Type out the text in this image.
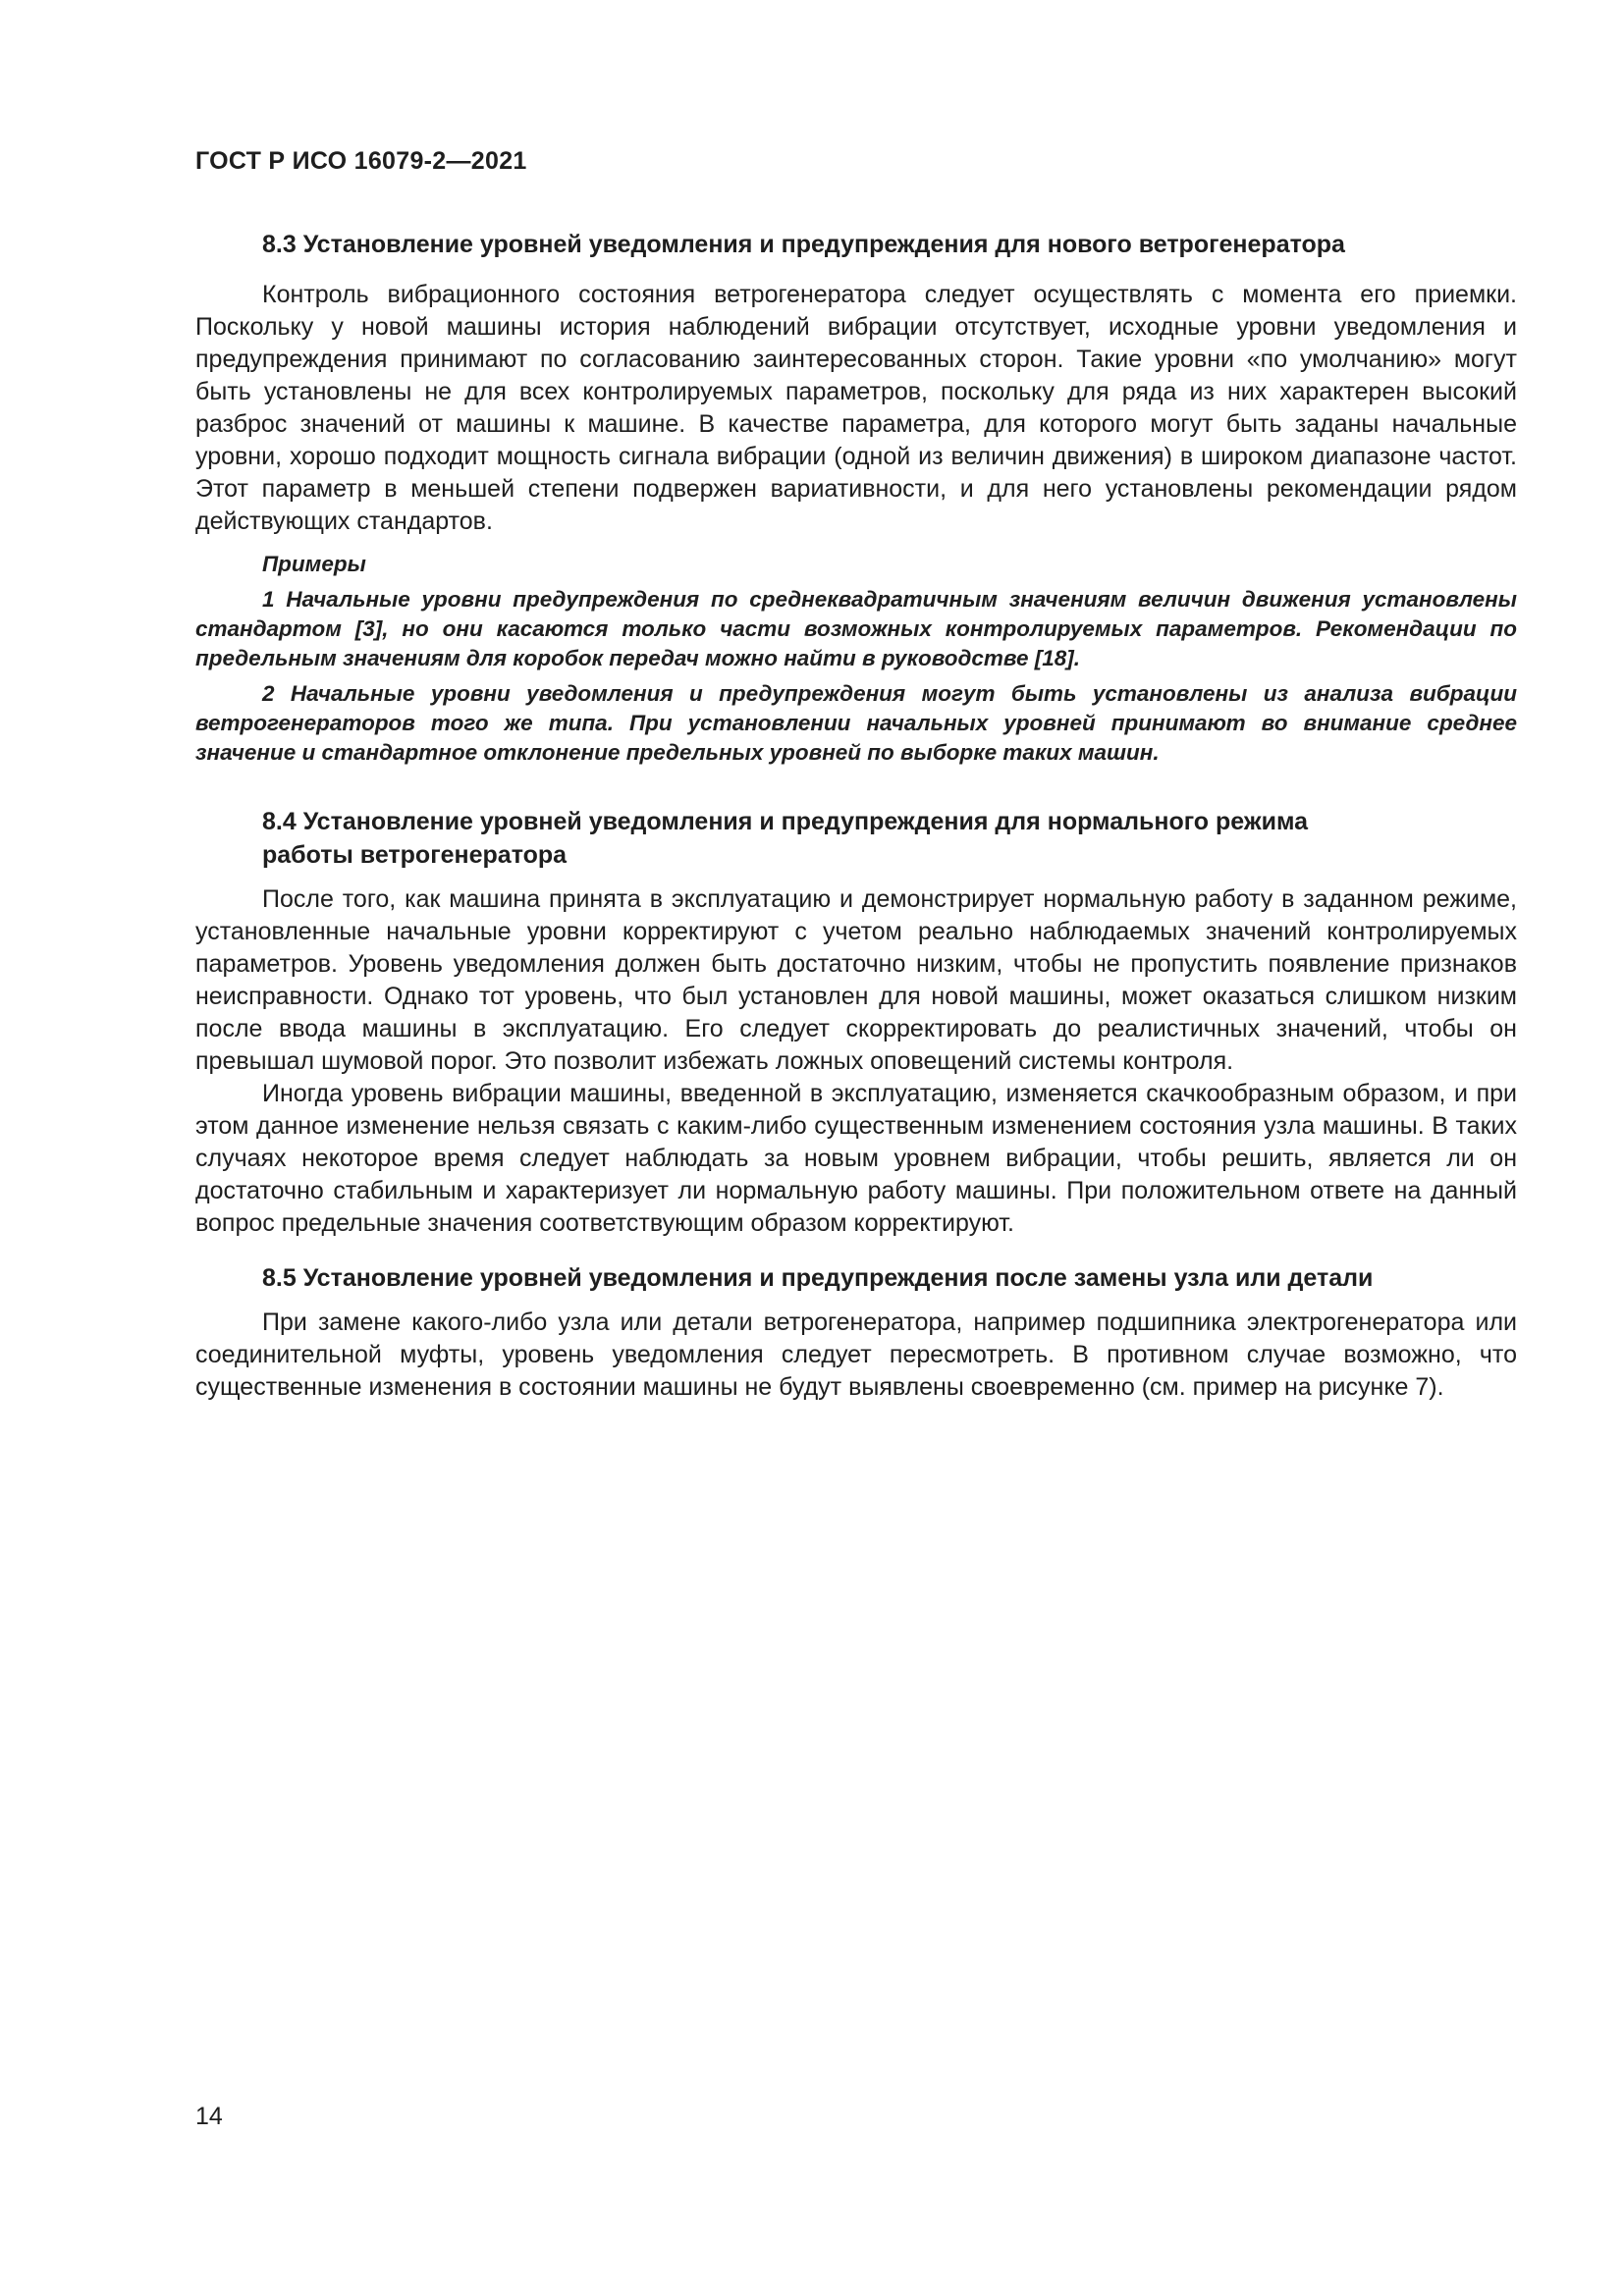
ГОСТ Р ИСО 16079-2—2021
8.3 Установление уровней уведомления и предупреждения для нового ветрогенератора

Контроль вибрационного состояния ветрогенератора следует осуществлять с момента его приемки. Поскольку у новой машины история наблюдений вибрации отсутствует, исходные уровни уведомления и предупреждения принимают по согласованию заинтересованных сторон. Такие уровни «по умолчанию» могут быть установлены не для всех контролируемых параметров, поскольку для ряда из них характерен высокий разброс значений от машины к машине. В качестве параметра, для которого могут быть заданы начальные уровни, хорошо подходит мощность сигнала вибрации (одной из величин движения) в широком диапазоне частот. Этот параметр в меньшей степени подвержен вариативности, и для него установлены рекомендации рядом действующих стандартов.

Примеры

1 Начальные уровни предупреждения по среднеквадратичным значениям величин движения установлены стандартом [3], но они касаются только части возможных контролируемых параметров. Рекомендации по предельным значениям для коробок передач можно найти в руководстве [18].

2 Начальные уровни уведомления и предупреждения могут быть установлены из анализа вибрации ветрогенераторов того же типа. При установлении начальных уровней принимают во внимание среднее значение и стандартное отклонение предельных уровней по выборке таких машин.

8.4 Установление уровней уведомления и предупреждения для нормального режима
работы ветрогенератора

После того, как машина принята в эксплуатацию и демонстрирует нормальную работу в заданном режиме, установленные начальные уровни корректируют с учетом реально наблюдаемых значений контролируемых параметров. Уровень уведомления должен быть достаточно низким, чтобы не пропустить появление признаков неисправности. Однако тот уровень, что был установлен для новой машины, может оказаться слишком низким после ввода машины в эксплуатацию. Его следует скорректировать до реалистичных значений, чтобы он превышал шумовой порог. Это позволит избежать ложных оповещений системы контроля.

Иногда уровень вибрации машины, введенной в эксплуатацию, изменяется скачкообразным образом, и при этом данное изменение нельзя связать с каким-либо существенным изменением состояния узла машины. В таких случаях некоторое время следует наблюдать за новым уровнем вибрации, чтобы решить, является ли он достаточно стабильным и характеризует ли нормальную работу машины. При положительном ответе на данный вопрос предельные значения соответствующим образом корректируют.

8.5 Установление уровней уведомления и предупреждения после замены узла или детали

При замене какого-либо узла или детали ветрогенератора, например подшипника электрогенератора или соединительной муфты, уровень уведомления следует пересмотреть. В противном случае возможно, что существенные изменения в состоянии машины не будут выявлены своевременно (см. пример на рисунке 7).

14
